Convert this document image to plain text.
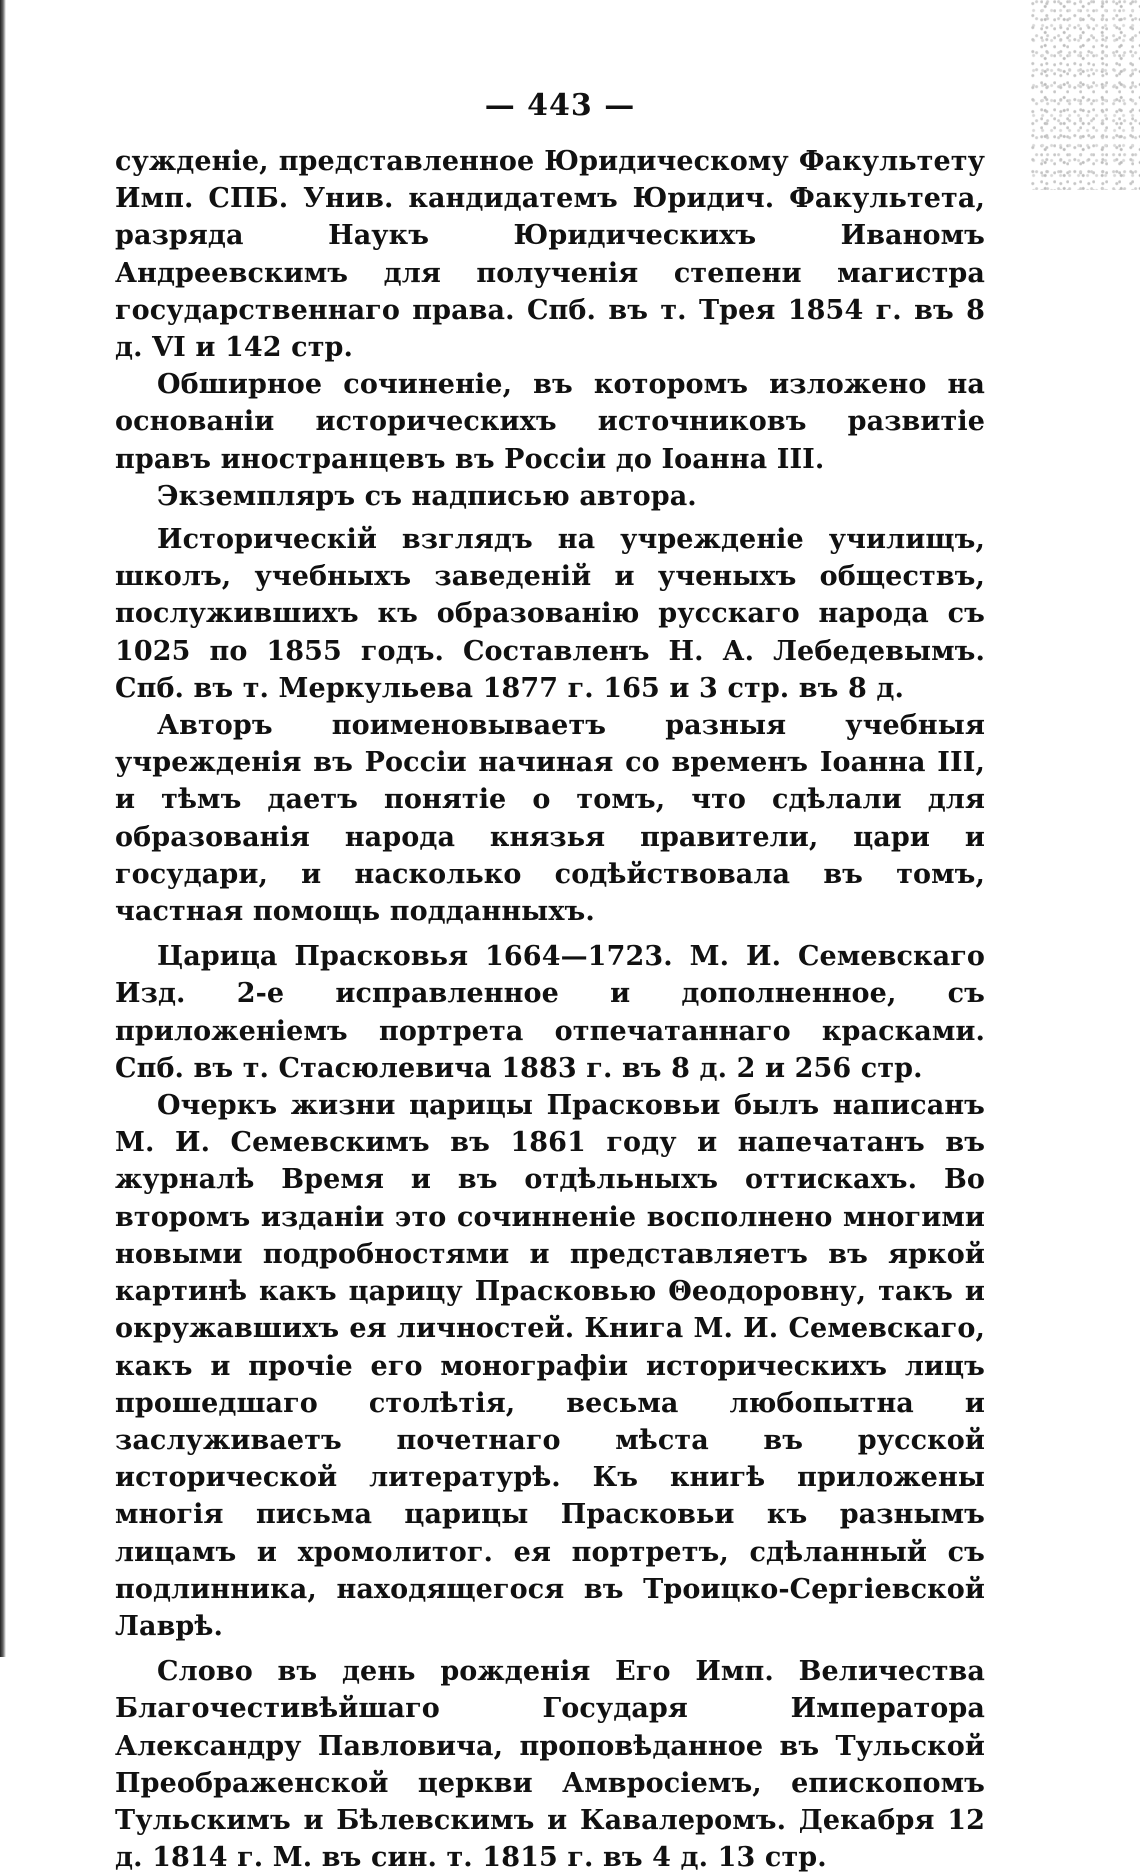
— 443 —

сужденіе, представленное Юридическому Факультету Имп. СПБ. Унив. кандидатемъ Юридич. Факультета, разряда Наукъ Юридическихъ Иваномъ Андреевскимъ для полученія степени магистра государственнаго права. Спб. въ т. Трея 1854 г. въ 8 д. VI и 142 стр.

Обширное сочиненіе, въ которомъ изложено на основаніи историческихъ источниковъ развитіе правъ иностранцевъ въ Россіи до Іоанна III.

Экземпляръ съ надписью автора.

Историческій взглядъ на учрежденіе училищъ, школъ, учебныхъ заведеній и ученыхъ обществъ, послужившихъ къ образованію русскаго народа съ 1025 по 1855 годъ. Составленъ Н. А. Лебедевымъ. Спб. въ т. Меркульева 1877 г. 165 и 3 стр. въ 8 д.

Авторъ поименовываетъ разныя учебныя учрежденія въ Россіи начиная со временъ Іоанна III, и тѣмъ даетъ понятіе о томъ, что сдѣлали для образованія народа князья правители, цари и государи, и насколько содѣйствовала въ томъ, частная помощь подданныхъ.

Царица Прасковья 1664—1723. М. И. Семевскаго Изд. 2-е исправленное и дополненное, съ приложеніемъ портрета отпечатаннаго красками. Спб. въ т. Стасюлевича 1883 г. въ 8 д. 2 и 256 стр.

Очеркъ жизни царицы Прасковьи былъ написанъ М. И. Семевскимъ въ 1861 году и напечатанъ въ журналѣ Время и въ отдѣльныхъ оттискахъ. Во второмъ изданіи это сочинненіе восполнено многими новыми подробностями и представляетъ въ яркой картинѣ какъ царицу Прасковью Θеодоровну, такъ и окружавшихъ ея личностей. Книга М. И. Семевскаго, какъ и прочіе его монографіи историческихъ лицъ прошедшаго столѣтія, весьма любопытна и заслуживаетъ почетнаго мѣста въ русской историческoй литературѣ. Къ книгѣ приложены многія письма царицы Прасковьи къ разнымъ лицамъ и хромолитог. ея портретъ, сдѣланный съ подлинника, находящегося въ Троицко-Сергіевской Лаврѣ.

Слово въ день рожденія Его Имп. Величества Благочестивѣйшаго Государя Императора Александру Павловича, проповѣданное въ Тульской Преображенской церкви Амвросіемъ, епископомъ Тульскимъ и Бѣлевскимъ и Кавалеромъ. Декабря 12 д. 1814 г. М. въ син. т. 1815 г. въ 4 д. 13 стр.
